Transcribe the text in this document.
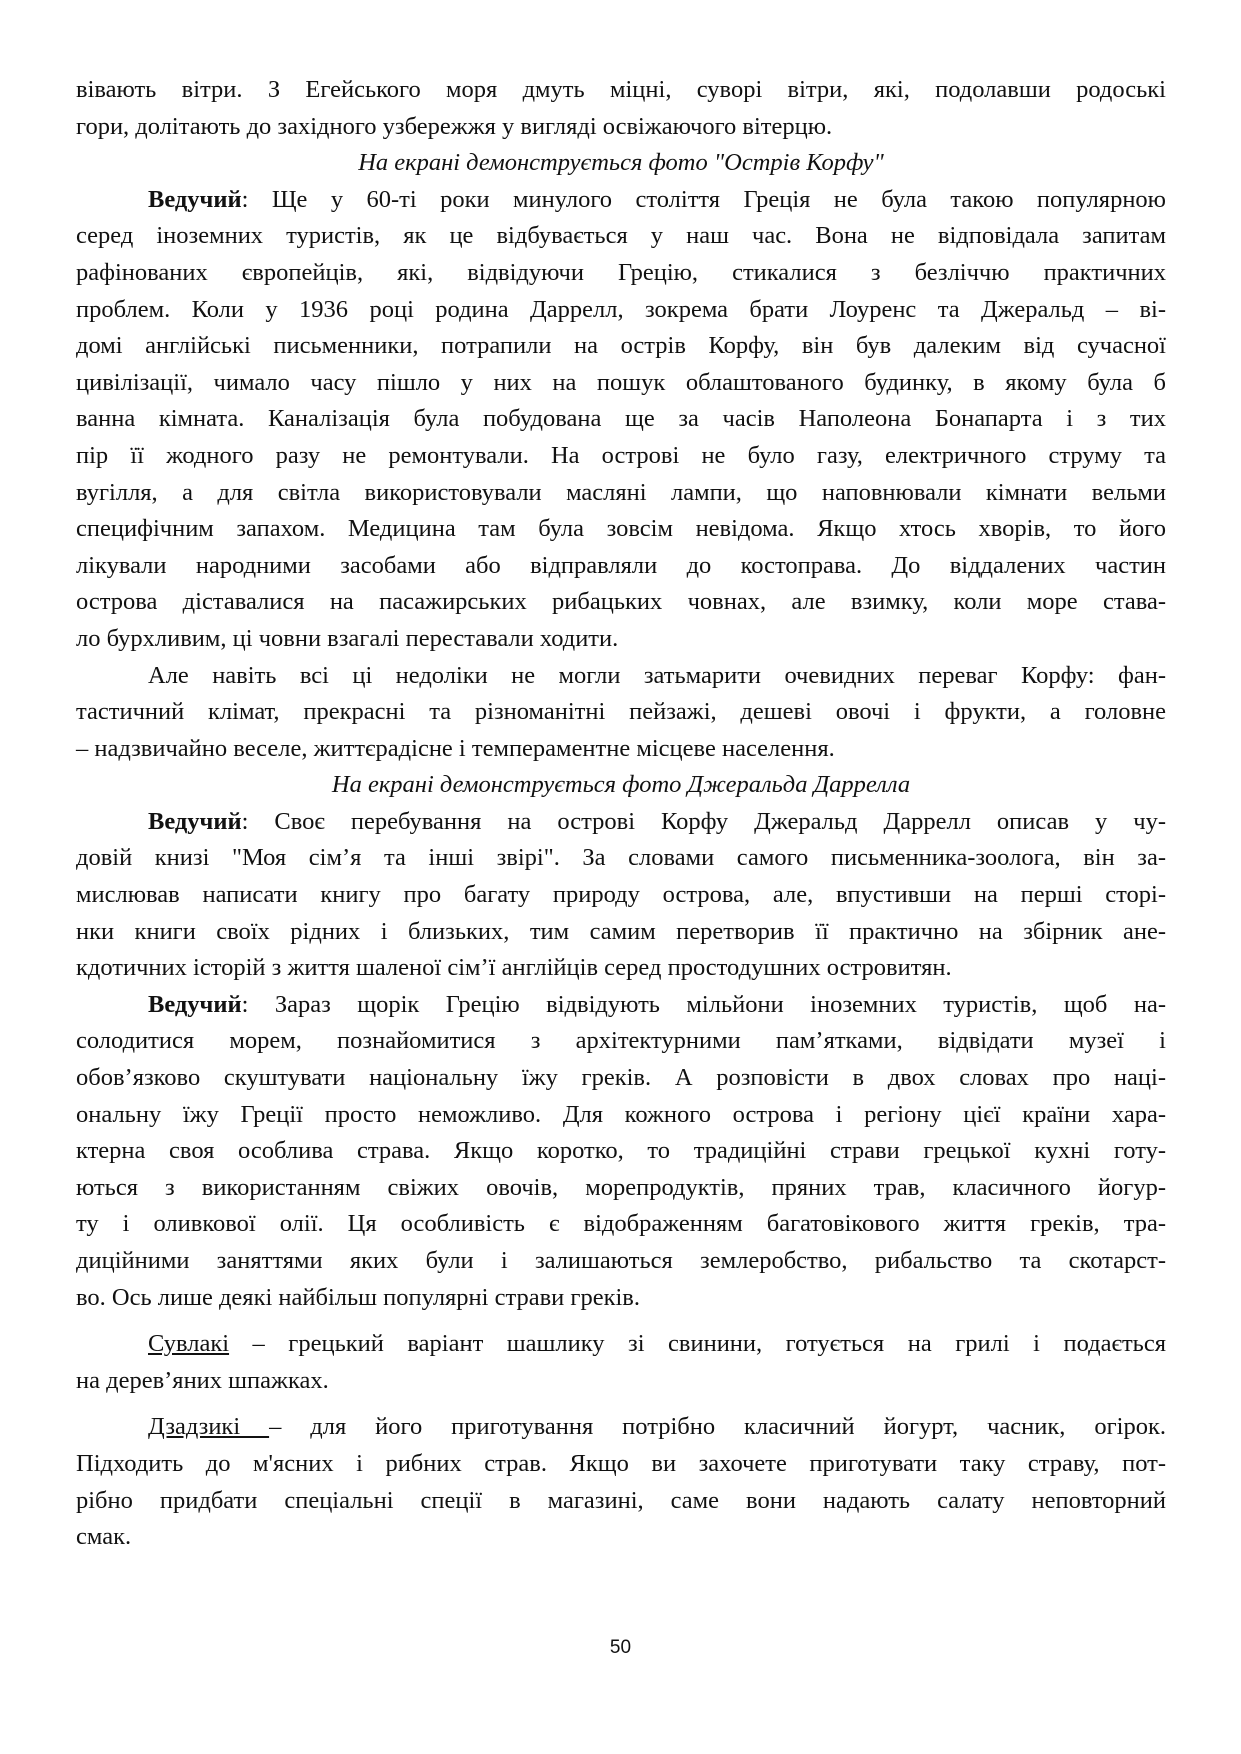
вівають вітри. З Егейського моря дмуть міцні, суворі вітри, які, подолавши родоські

гори, долітають до західного узбережжя у вигляді освіжаючого вітерцю.

На екрані демонструється фото "Острів Корфу"

Ведучий: Ще у 60-ті роки минулого століття Греція не була такою популярною

серед іноземних туристів, як це відбувається у наш час. Вона не відповідала запитам

рафінованих європейців, які, відвідуючи Грецію, стикалися з безліччю практичних

проблем. Коли у 1936 році родина Даррелл, зокрема брати Лоуренс та Джеральд – ві-

домі англійські письменники, потрапили на острів Корфу, він був далеким від сучасної

цивілізації, чимало часу пішло у них на пошук облаштованого будинку, в якому була б

ванна кімната. Каналізація була побудована ще за часів Наполеона Бонапарта і з тих

пір її жодного разу не ремонтували. На острові не було газу, електричного струму та

вугілля, а для світла використовували масляні лампи, що наповнювали кімнати вельми

специфічним запахом. Медицина там була зовсім невідома. Якщо хтось хворів, то його

лікували народними засобами або відправляли до костоправа. До віддалених частин

острова діставалися на пасажирських рибацьких човнах, але взимку, коли море става-

ло бурхливим, ці човни взагалі переставали ходити.

Але навіть всі ці недоліки не могли затьмарити очевидних переваг Корфу: фан-

тастичний клімат, прекрасні та різноманітні пейзажі, дешеві овочі і фрукти, а головне

– надзвичайно веселе, життєрадісне і темпераментне місцеве населення.

На екрані демонструється фото Джеральда Даррелла

Ведучий: Своє перебування на острові Корфу Джеральд Даррелл описав у чу-

довій книзі "Моя сім’я та інші звірі". За словами самого письменника-зоолога, він за-

мислював написати книгу про багату природу острова, але, впустивши на перші сторі-

нки книги своїх рідних і близьких, тим самим перетворив її практично на збірник ане-

кдотичних історій з життя шаленої сім’ї англійців серед простодушних островитян.

Ведучий: Зараз щорік Грецію відвідують мільйони іноземних туристів, щоб на-

солодитися морем, познайомитися з архітектурними пам’ятками, відвідати музеї і

обов’язково скуштувати національну їжу греків. А розповісти в двох словах про наці-

ональну їжу Греції просто неможливо. Для кожного острова і регіону цієї країни хара-

ктерна своя особлива страва. Якщо коротко, то традиційні страви грецької кухні готу-

ються з використанням свіжих овочів, морепродуктів, пряних трав, класичного йогур-

ту і оливкової олії. Ця особливість є відображенням багатовікового життя греків, тра-

диційними заняттями яких були і залишаються землеробство, рибальство та скотарст-

во. Ось лише деякі найбільш популярні страви греків.

Сувлакі – грецький варіант шашлику зі свинини, готується на грилі і подається

на дерев’яних шпажках.

Дзадзикі – для його приготування потрібно класичний йогурт, часник, огірок.

Підходить до м'ясних і рибних страв. Якщо ви захочете приготувати таку страву, пот-

рібно придбати спеціальні спеції в магазині, саме вони надають салату неповторний

смак.

50
